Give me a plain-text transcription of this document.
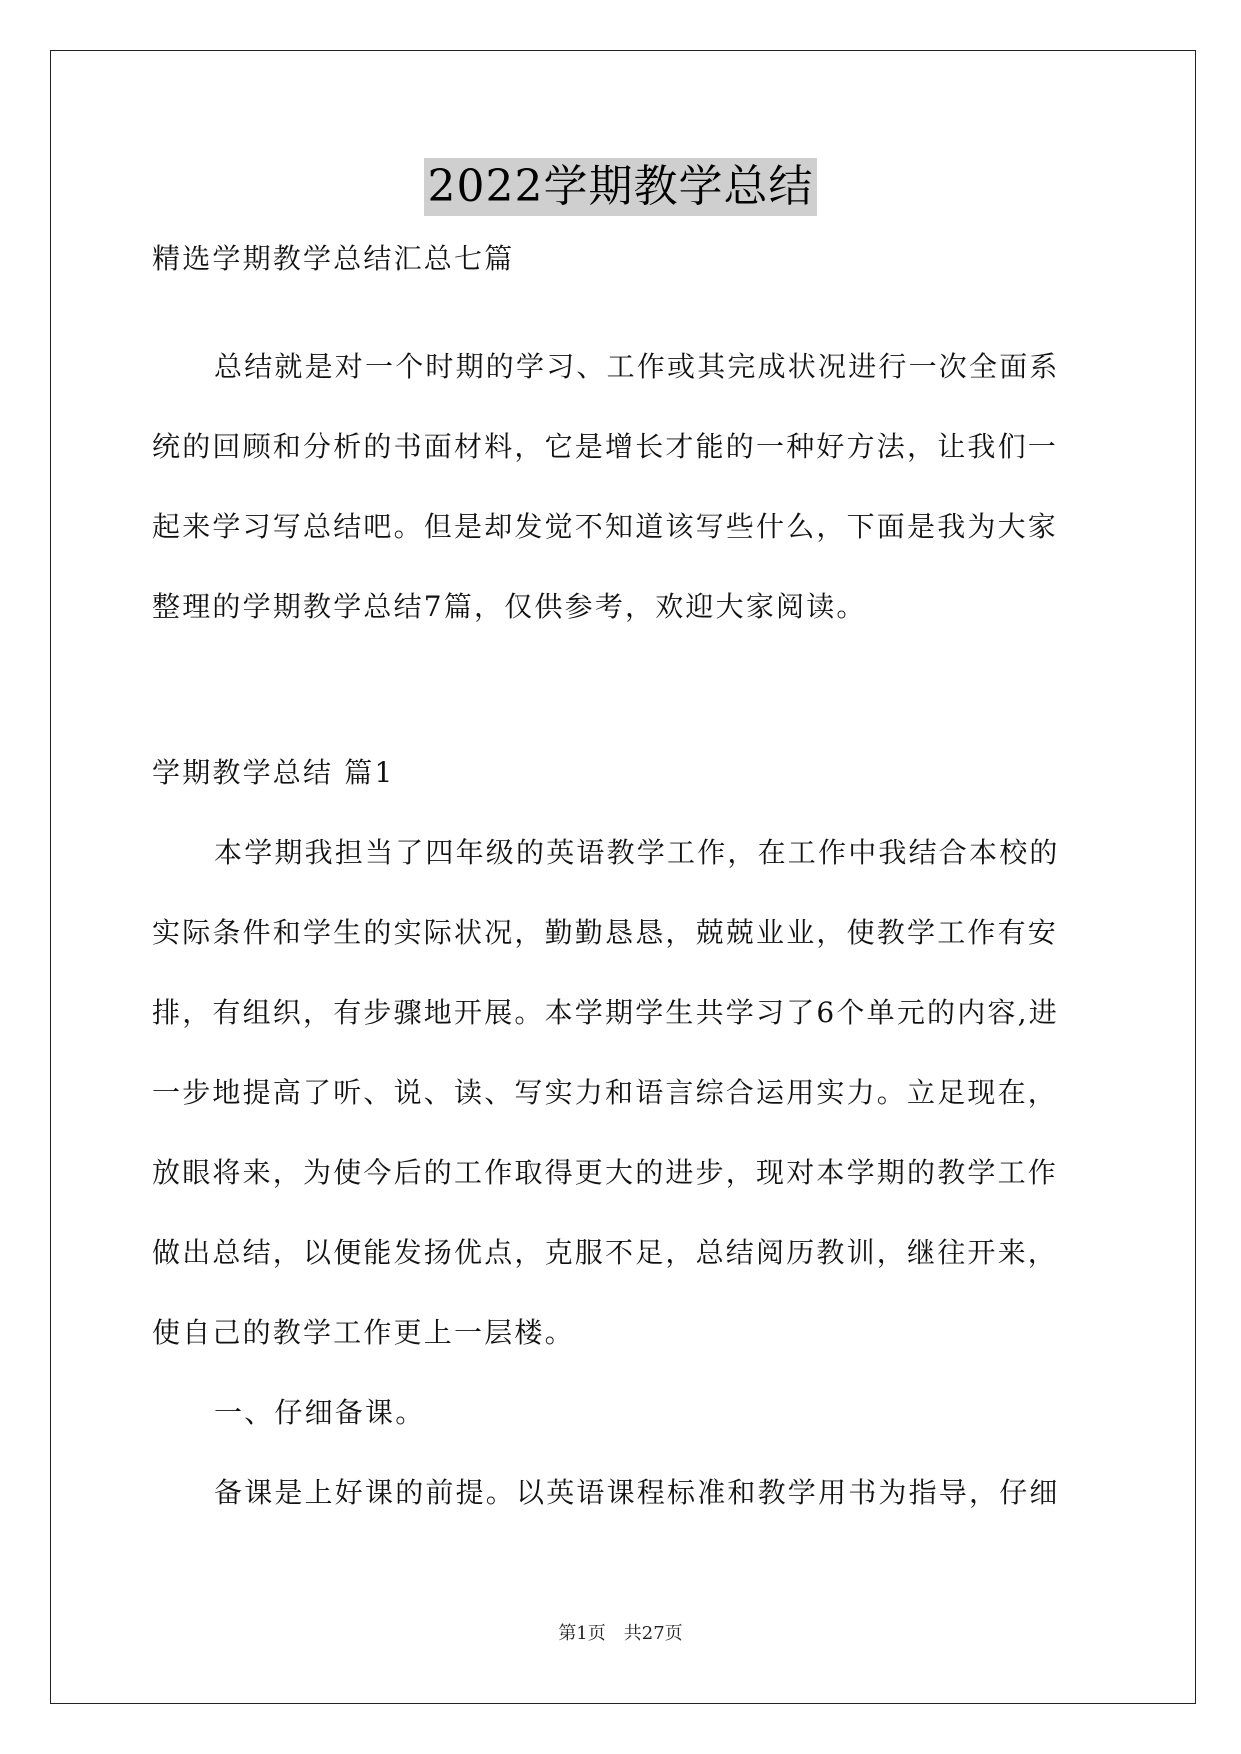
2022学期教学总结
精选学期教学总结汇总七篇
总结就是对一个时期的学习、工作或其完成状况进行一次全面系
统的回顾和分析的书面材料，它是增长才能的一种好方法，让我们一
起来学习写总结吧。但是却发觉不知道该写些什么，下面是我为大家
整理的学期教学总结7篇，仅供参考，欢迎大家阅读。
学期教学总结 篇1
本学期我担当了四年级的英语教学工作，在工作中我结合本校的
实际条件和学生的实际状况，勤勤恳恳，兢兢业业，使教学工作有安
排，有组织，有步骤地开展。本学期学生共学习了6个单元的内容,进
一步地提高了听、说、读、写实力和语言综合运用实力。立足现在，
放眼将来，为使今后的工作取得更大的进步，现对本学期的教学工作
做出总结，以便能发扬优点，克服不足，总结阅历教训，继往开来，
使自己的教学工作更上一层楼。
一、仔细备课。
备课是上好课的前提。以英语课程标准和教学用书为指导，仔细
第1页 共27页
